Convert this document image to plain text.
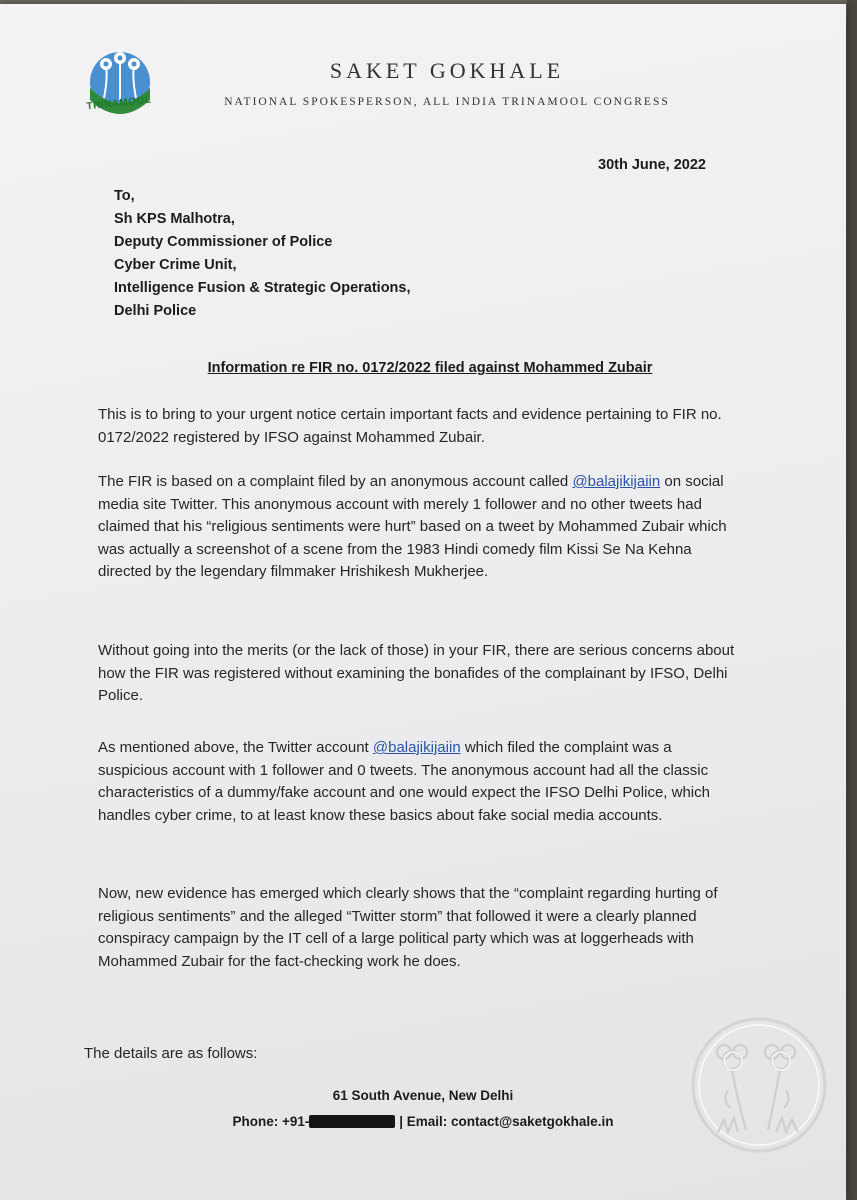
TRINAMOOL
SAKET GOKHALE
NATIONAL SPOKESPERSON, ALL INDIA TRINAMOOL CONGRESS
30th June, 2022
To,
Sh KPS Malhotra,
Deputy Commissioner of Police
Cyber Crime Unit,
Intelligence Fusion & Strategic Operations,
Delhi Police
Information re FIR no. 0172/2022 filed against Mohammed Zubair
This is to bring to your urgent notice certain important facts and evidence pertaining to FIR no. 0172/2022 registered by IFSO against Mohammed Zubair.
The FIR is based on a complaint filed by an anonymous account called @balajikijaiin on social media site Twitter. This anonymous account with merely 1 follower and no other tweets had claimed that his “religious sentiments were hurt” based on a tweet by Mohammed Zubair which was actually a screenshot of a scene from the 1983 Hindi comedy film Kissi Se Na Kehna directed by the legendary filmmaker Hrishikesh Mukherjee.
Without going into the merits (or the lack of those) in your FIR, there are serious concerns about how the FIR was registered without examining the bonafides of the complainant by IFSO, Delhi Police.
As mentioned above, the Twitter account @balajikijaiin which filed the complaint was a suspicious account with 1 follower and 0 tweets. The anonymous account had all the classic characteristics of a dummy/fake account and one would expect the IFSO Delhi Police, which handles cyber crime, to at least know these basics about fake social media accounts.
Now, new evidence has emerged which clearly shows that the “complaint regarding hurting of religious sentiments” and the alleged “Twitter storm” that followed it were a clearly planned conspiracy campaign by the IT cell of a large political party which was at loggerheads with Mohammed Zubair for the fact-checking work he does.
The details are as follows:
61 South Avenue, New Delhi
Phone: +91-	| Email: contact@saketgokhale.in
